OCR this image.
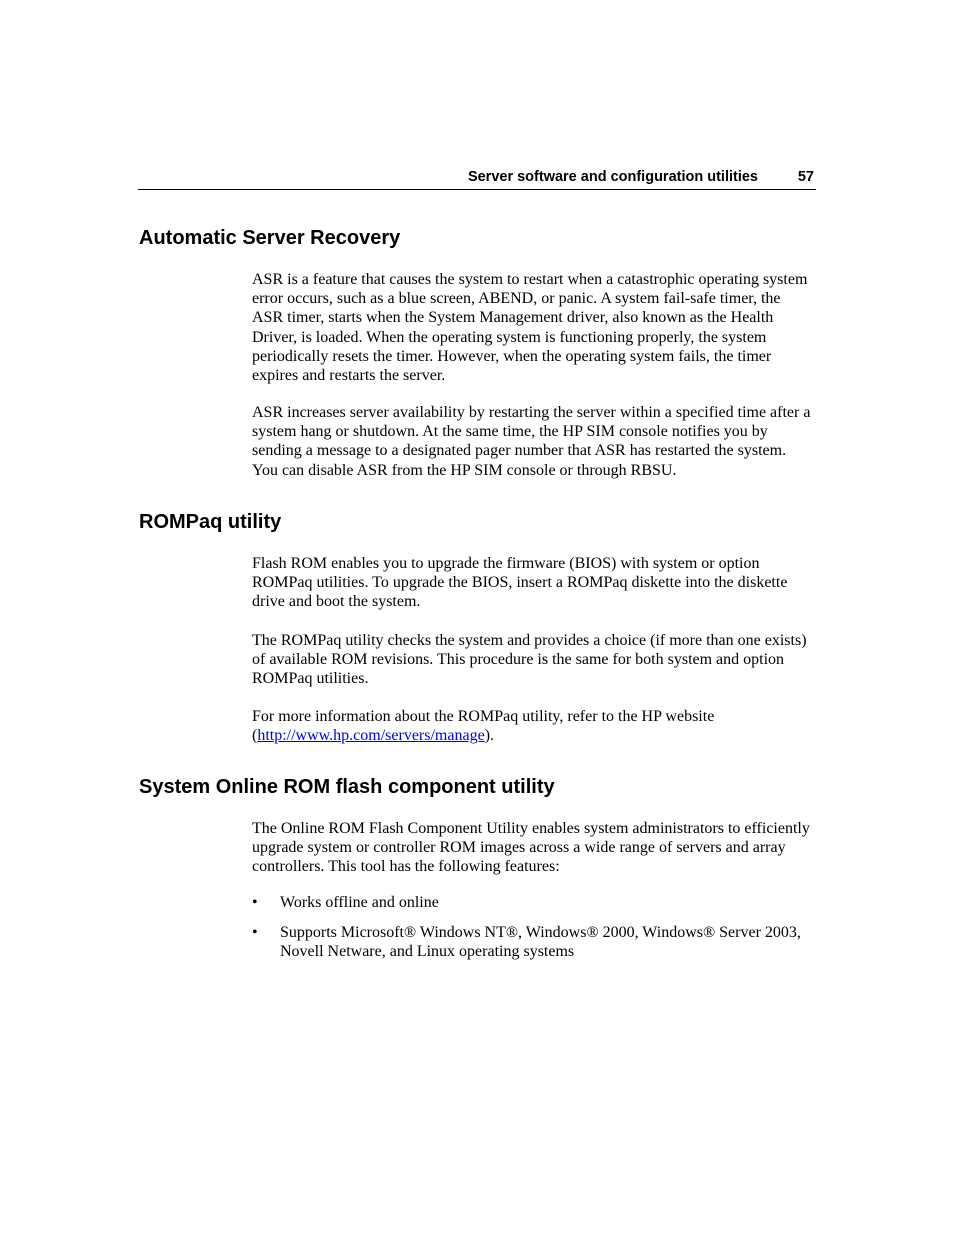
Server software and configuration utilities	57
Automatic Server Recovery

ASR is a feature that causes the system to restart when a catastrophic operating system error occurs, such as a blue screen, ABEND, or panic. A system fail-safe timer, the ASR timer, starts when the System Management driver, also known as the Health Driver, is loaded. When the operating system is functioning properly, the system periodically resets the timer. However, when the operating system fails, the timer expires and restarts the server.

ASR increases server availability by restarting the server within a specified time after a system hang or shutdown. At the same time, the HP SIM console notifies you by sending a message to a designated pager number that ASR has restarted the system. You can disable ASR from the HP SIM console or through RBSU.

ROMPaq utility

Flash ROM enables you to upgrade the firmware (BIOS) with system or option ROMPaq utilities. To upgrade the BIOS, insert a ROMPaq diskette into the diskette drive and boot the system.

The ROMPaq utility checks the system and provides a choice (if more than one exists) of available ROM revisions. This procedure is the same for both system and option ROMPaq utilities.

For more information about the ROMPaq utility, refer to the HP website (http://www.hp.com/servers/manage).

System Online ROM flash component utility

The Online ROM Flash Component Utility enables system administrators to efficiently upgrade system or controller ROM images across a wide range of servers and array controllers. This tool has the following features:

• Works offline and online
• Supports Microsoft® Windows NT®, Windows® 2000, Windows® Server 2003, Novell Netware, and Linux operating systems
